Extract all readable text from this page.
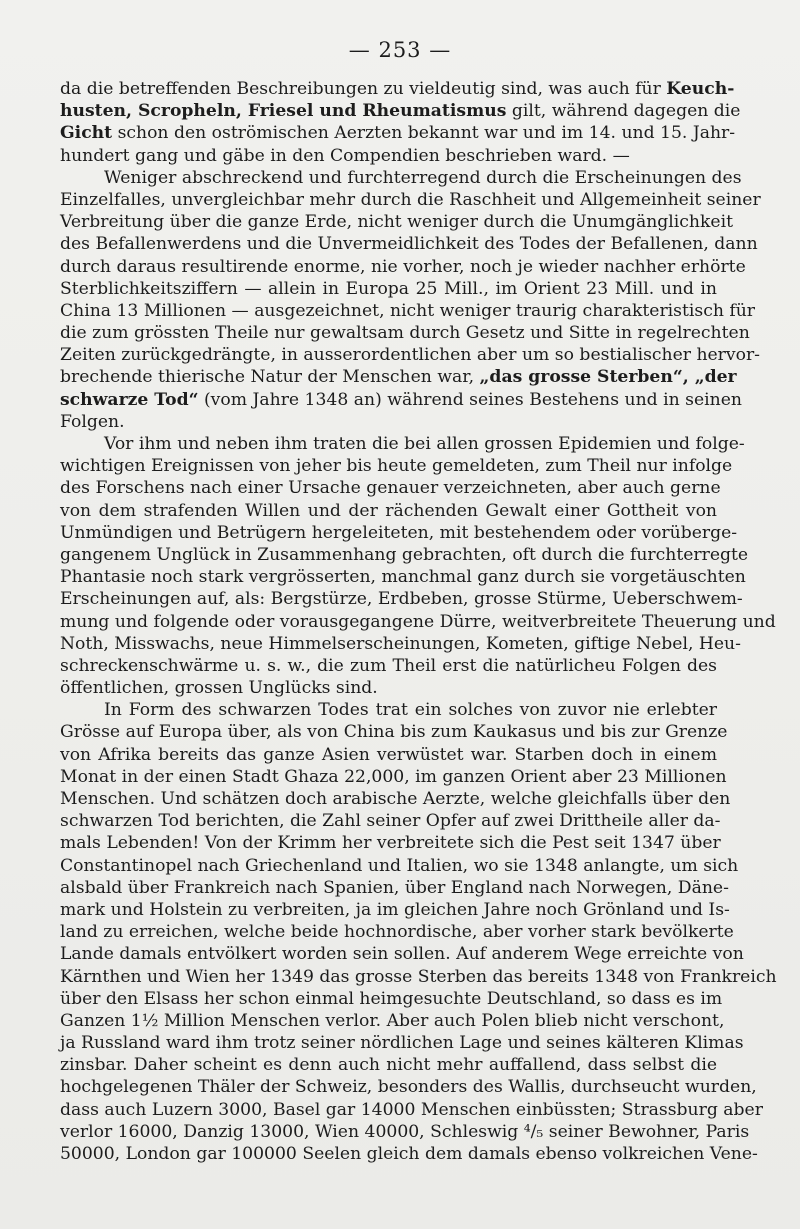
— 253 —
da die betreffenden Beschreibungen zu vieldeutig sind, was auch für Keuch-
husten, Scropheln, Friesel und Rheumatismus gilt, während dagegen die
Gicht schon den oströmischen Aerzten bekannt war und im 14. und 15. Jahr-
hundert gang und gäbe in den Compendien beschrieben ward. —
Weniger abschreckend und furchterregend durch die Erscheinungen des
Einzelfalles, unvergleichbar mehr durch die Raschheit und Allgemeinheit seiner
Verbreitung über die ganze Erde, nicht weniger durch die Unumgänglichkeit
des Befallenwerdens und die Unvermeidlichkeit des Todes der Befallenen, dann
durch daraus resultirende enorme, nie vorher, noch je wieder nachher erhörte
Sterblichkeitsziffern — allein in Europa 25 Mill., im Orient 23 Mill. und in
China 13 Millionen — ausgezeichnet, nicht weniger traurig charakteristisch für
die zum grössten Theile nur gewaltsam durch Gesetz und Sitte in regelrechten
Zeiten zurückgedrängte, in ausserordentlichen aber um so bestialischer hervor-
brechende thierische Natur der Menschen war, „das grosse Sterben“, „der
schwarze Tod“ (vom Jahre 1348 an) während seines Bestehens und in seinen
Folgen.
Vor ihm und neben ihm traten die bei allen grossen Epidemien und folge-
wichtigen Ereignissen von jeher bis heute gemeldeten, zum Theil nur infolge
des Forschens nach einer Ursache genauer verzeichneten, aber auch gerne
von dem strafenden Willen und der rächenden Gewalt einer Gottheit von
Unmündigen und Betrügern hergeleiteten, mit bestehendem oder vorüberge-
gangenem Unglück in Zusammenhang gebrachten, oft durch die furchterregte
Phantasie noch stark vergrösserten, manchmal ganz durch sie vorgetäuschten
Erscheinungen auf, als: Bergstürze, Erdbeben, grosse Stürme, Ueberschwem-
mung und folgende oder vorausgegangene Dürre, weitverbreitete Theuerung und
Noth, Misswachs, neue Himmelserscheinungen, Kometen, giftige Nebel, Heu-
schreckenschwärme u. s. w., die zum Theil erst die natürlicheu Folgen des
öffentlichen, grossen Unglücks sind.
In Form des schwarzen Todes trat ein solches von zuvor nie erlebter
Grösse auf Europa über, als von China bis zum Kaukasus und bis zur Grenze
von Afrika bereits das ganze Asien verwüstet war. Starben doch in einem
Monat in der einen Stadt Ghaza 22,000, im ganzen Orient aber 23 Millionen
Menschen. Und schätzen doch arabische Aerzte, welche gleichfalls über den
schwarzen Tod berichten, die Zahl seiner Opfer auf zwei Drittheile aller da-
mals Lebenden! Von der Krimm her verbreitete sich die Pest seit 1347 über
Constantinopel nach Griechenland und Italien, wo sie 1348 anlangte, um sich
alsbald über Frankreich nach Spanien, über England nach Norwegen, Däne-
mark und Holstein zu verbreiten, ja im gleichen Jahre noch Grönland und Is-
land zu erreichen, welche beide hochnordische, aber vorher stark bevölkerte
Lande damals entvölkert worden sein sollen. Auf anderem Wege erreichte von
Kärnthen und Wien her 1349 das grosse Sterben das bereits 1348 von Frankreich
über den Elsass her schon einmal heimgesuchte Deutschland, so dass es im
Ganzen 1½ Million Menschen verlor. Aber auch Polen blieb nicht verschont,
ja Russland ward ihm trotz seiner nördlichen Lage und seines kälteren Klimas
zinsbar. Daher scheint es denn auch nicht mehr auffallend, dass selbst die
hochgelegenen Thäler der Schweiz, besonders des Wallis, durchseucht wurden,
dass auch Luzern 3000, Basel gar 14000 Menschen einbüssten; Strassburg aber
verlor 16000, Danzig 13000, Wien 40000, Schleswig ⁴/₅ seiner Bewohner, Paris
50000, London gar 100000 Seelen gleich dem damals ebenso volkreichen Vene-
